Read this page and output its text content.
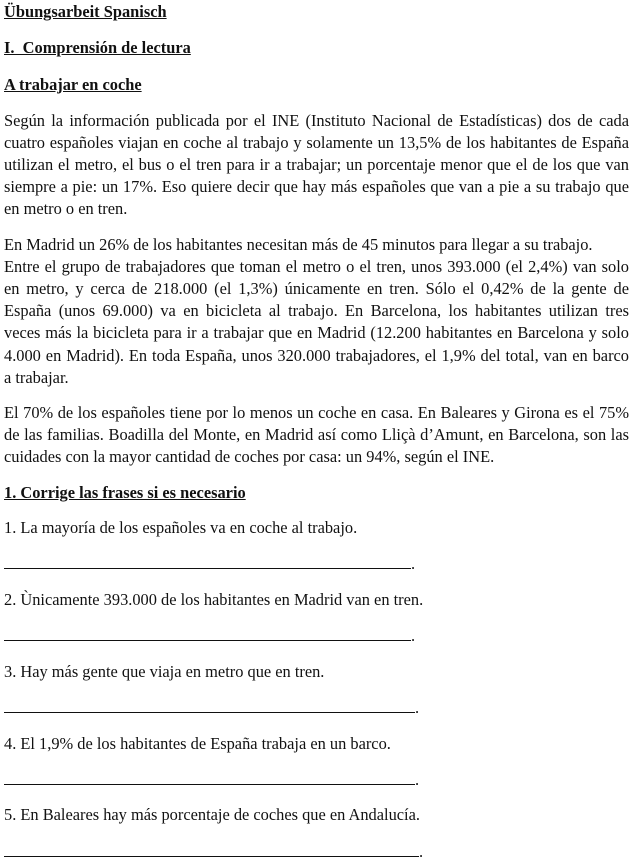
Übungsarbeit Spanisch
I.  Comprensión de lectura
A trabajar en coche
Según la información publicada por el INE (Instituto Nacional de Estadísticas) dos de cada
cuatro españoles viajan en coche al trabajo y solamente un 13,5% de los habitantes de España
utilizan el metro, el bus o el tren para ir a trabajar; un porcentaje menor que el de los que van
siempre a pie: un 17%. Eso quiere decir que hay más españoles que van a pie a su trabajo que
en metro o en tren.
En Madrid un 26% de los habitantes necesitan más de 45 minutos para llegar a su trabajo.
Entre el grupo de trabajadores que toman el metro o el tren, unos 393.000 (el 2,4%) van solo
en metro, y cerca de 218.000 (el 1,3%) únicamente en tren. Sólo el 0,42% de la gente de
España (unos 69.000) va en bicicleta al trabajo. En Barcelona, los habitantes utilizan tres
veces más la bicicleta para ir a trabajar que en Madrid (12.200 habitantes en Barcelona y solo
4.000 en Madrid). En toda España, unos 320.000 trabajadores, el 1,9% del total, van en barco
a trabajar.
El 70% de los españoles tiene por lo menos un coche en casa. En Baleares y Girona es el 75%
de las familias. Boadilla del Monte, en Madrid así como Lliçà d’Amunt, en Barcelona, son las
cuidades con la mayor cantidad de coches por casa: un 94%, según el INE.
1. Corrige las frases si es necesario
1. La mayoría de los españoles va en coche al trabajo.
.
2. Ùnicamente 393.000 de los habitantes en Madrid van en tren.
.
3. Hay más gente que viaja en metro que en tren.
.
4. El 1,9% de los habitantes de España trabaja en un barco.
.
5. En Baleares hay más porcentaje de coches que en Andalucía.
.
